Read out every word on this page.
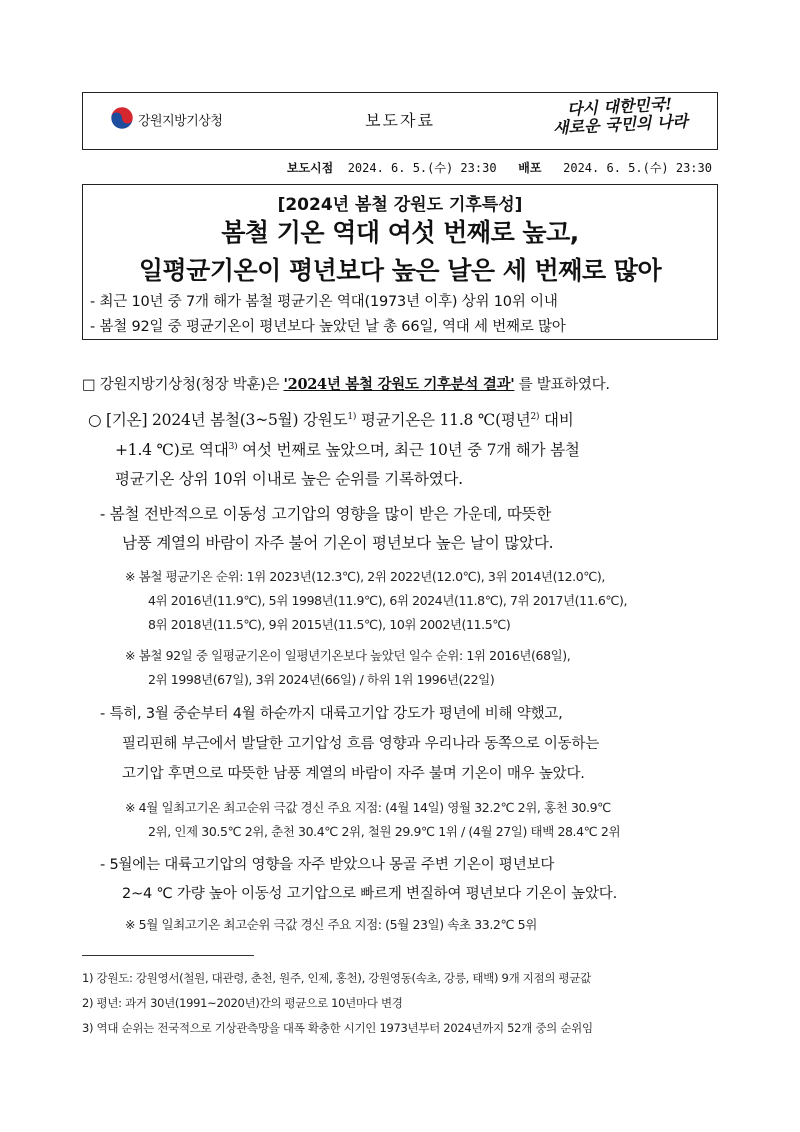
강원지방기상청	보도자료
다시 대한민국!
새로운 국민의 나라
보도시점 2024. 6. 5.(수) 23:30 배포 2024. 6. 5.(수) 23:30
[2024년 봄철 강원도 기후특성]
봄철 기온 역대 여섯 번째로 높고,
일평균기온이 평년보다 높은 날은 세 번째로 많아
- 최근 10년 중 7개 해가 봄철 평균기온 역대(1973년 이후) 상위 10위 이내
- 봄철 92일 중 평균기온이 평년보다 높았던 날 총 66일, 역대 세 번째로 많아
□ 강원지방기상청(청장 박훈)은 '2024년 봄철 강원도 기후분석 결과' 를 발표하였다.
○ [기온] 2024년 봄철(3~5월) 강원도$^{1)}$ 평균기온은 11.8 ℃(평년$^{2)}$ 대비
+1.4 ℃)로 역대$^{3)}$ 여섯 번째로 높았으며, 최근 10년 중 7개 해가 봄철
평균기온 상위 10위 이내로 높은 순위를 기록하였다.
- 봄철 전반적으로 이동성 고기압의 영향을 많이 받은 가운데, 따뜻한
남풍 계열의 바람이 자주 불어 기온이 평년보다 높은 날이 많았다.
※ 봄철 평균기온 순위: 1위 2023년(12.3℃), 2위 2022년(12.0℃), 3위 2014년(12.0℃),
4위 2016년(11.9℃), 5위 1998년(11.9℃), 6위 2024년(11.8℃), 7위 2017년(11.6℃),
8위 2018년(11.5℃), 9위 2015년(11.5℃), 10위 2002년(11.5℃)
※ 봄철 92일 중 일평균기온이 일평년기온보다 높았던 일수 순위: 1위 2016년(68일),
2위 1998년(67일), 3위 2024년(66일) / 하위 1위 1996년(22일)
- 특히, 3월 중순부터 4월 하순까지 대륙고기압 강도가 평년에 비해 약했고,
필리핀해 부근에서 발달한 고기압성 흐름 영향과 우리나라 동쪽으로 이동하는
고기압 후면으로 따뜻한 남풍 계열의 바람이 자주 불며 기온이 매우 높았다.
※ 4월 일최고기온 최고순위 극값 경신 주요 지점: (4월 14일) 영월 32.2℃ 2위, 홍천 30.9℃
2위, 인제 30.5℃ 2위, 춘천 30.4℃ 2위, 철원 29.9℃ 1위 / (4월 27일) 태백 28.4℃ 2위
- 5월에는 대륙고기압의 영향을 자주 받았으나 몽골 주변 기온이 평년보다
2~4 ℃ 가량 높아 이동성 고기압으로 빠르게 변질하여 평년보다 기온이 높았다.
※ 5월 일최고기온 최고순위 극값 경신 주요 지점: (5월 23일) 속초 33.2℃ 5위
1) 강원도: 강원영서(철원, 대관령, 춘천, 원주, 인제, 홍천), 강원영동(속초, 강릉, 태백) 9개 지점의 평균값
2) 평년: 과거 30년(1991~2020년)간의 평균으로 10년마다 변경
3) 역대 순위는 전국적으로 기상관측망을 대폭 확충한 시기인 1973년부터 2024년까지 52개 중의 순위임
